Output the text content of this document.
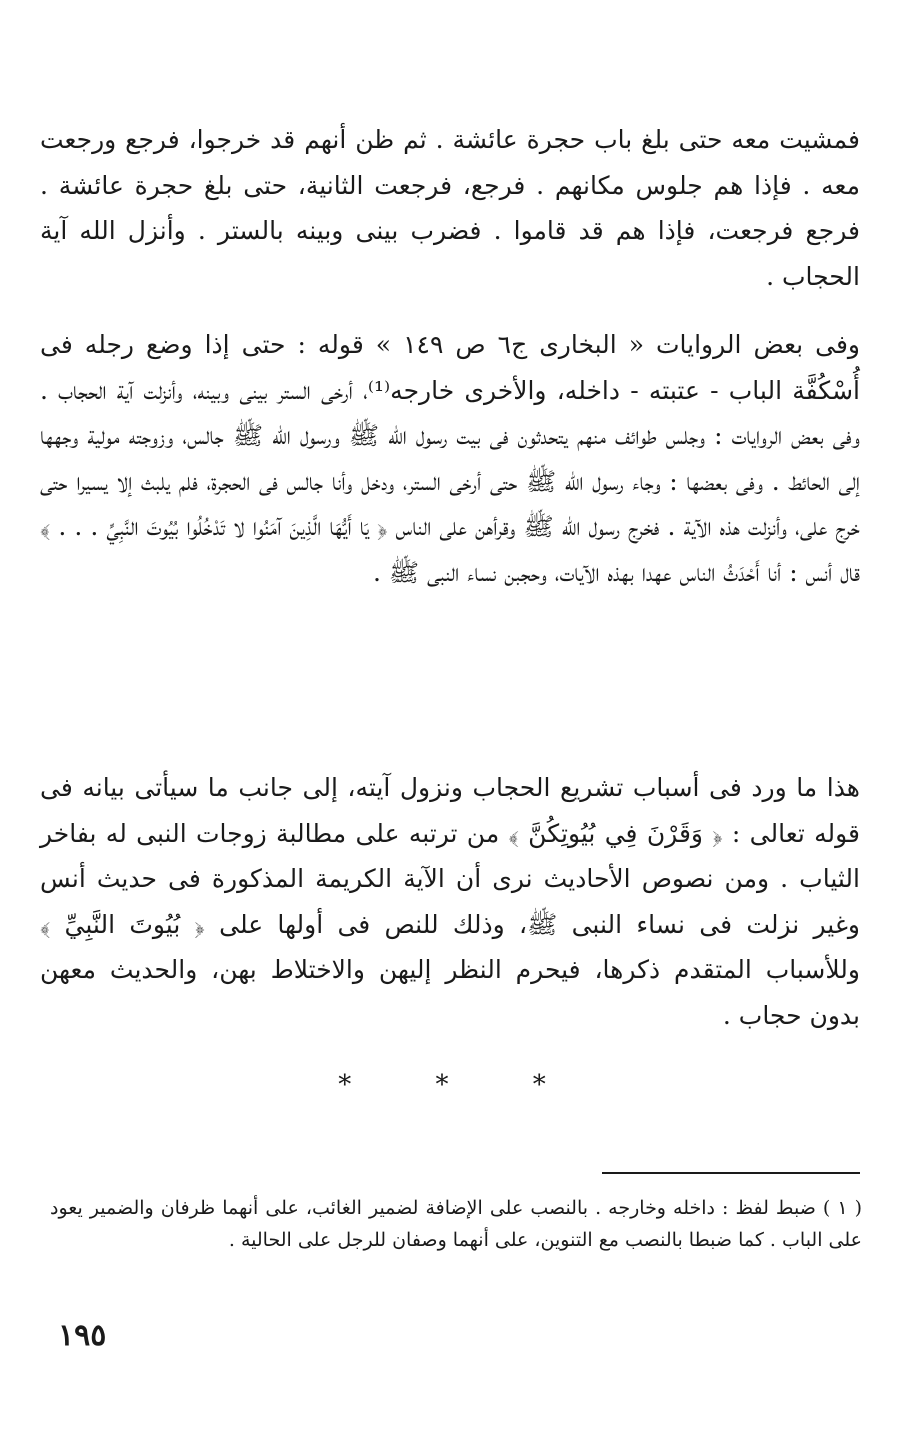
فمشيت معه حتى بلغ باب حجرة عائشة . ثم ظن أنهم قد خرجوا، فرجع ورجعت معه . فإذا هم جلوس مكانهم . فرجع، فرجعت الثانية، حتى بلغ حجرة عائشة . فرجع فرجعت، فإذا هم قد قاموا . فضرب بينى وبينه بالستر . وأنزل الله آية الحجاب .

وفى بعض الروايات « البخارى ج٦ ص ١٤٩ » قوله : حتى إذا وضع رجله فى أُسْكُفَّة الباب - عتبته - داخله، والأخرى خارجه⁽¹⁾، أرخى الستر بينى وبينه، وأنزلت آية الحجاب . وفى بعض الروايات : وجلس طوائف منهم يتحدثون فى بيت رسول الله ﷺ ورسول الله ﷺ جالس، وزوجته مولية وجهها إلى الحائط . وفى بعضها : وجاء رسول الله ﷺ حتى أرخى الستر، ودخل وأنا جالس فى الحجرة، فلم يلبث إلا يسيرا حتى خرج على، وأنزلت هذه الآية . فخرج رسول الله ﷺ وقرأهن على الناس ﴿ يَا أَيُّهَا الَّذِينَ آمَنُوا لا تَدْخُلُوا بُيُوتَ النَّبِيِّ . . . ﴾ قال أنس : أنا أَحْدَثُ الناس عهدا بهذه الآيات، وحجبن نساء النبى ﷺ .

هذا ما ورد فى أسباب تشريع الحجاب ونزول آيته، إلى جانب ما سيأتى بيانه فى قوله تعالى : ﴿ وَقَرْنَ فِي بُيُوتِكُنَّ ﴾ من ترتبه على مطالبة زوجات النبى له بفاخر الثياب . ومن نصوص الأحاديث نرى أن الآية الكريمة المذكورة فى حديث أنس وغير نزلت فى نساء النبى ﷺ، وذلك للنص فى أولها على ﴿ بُيُوتَ النَّبِيِّ ﴾ وللأسباب المتقدم ذكرها، فيحرم النظر إليهن والاختلاط بهن، والحديث معهن بدون حجاب .

* * *

( ١ ) ضبط لفظ : داخله وخارجه . بالنصب على الإضافة لضمير الغائب، على أنهما ظرفان والضمير يعود على الباب . كما ضبطا بالنصب مع التنوين، على أنهما وصفان للرجل على الحالية .

١٩٥
